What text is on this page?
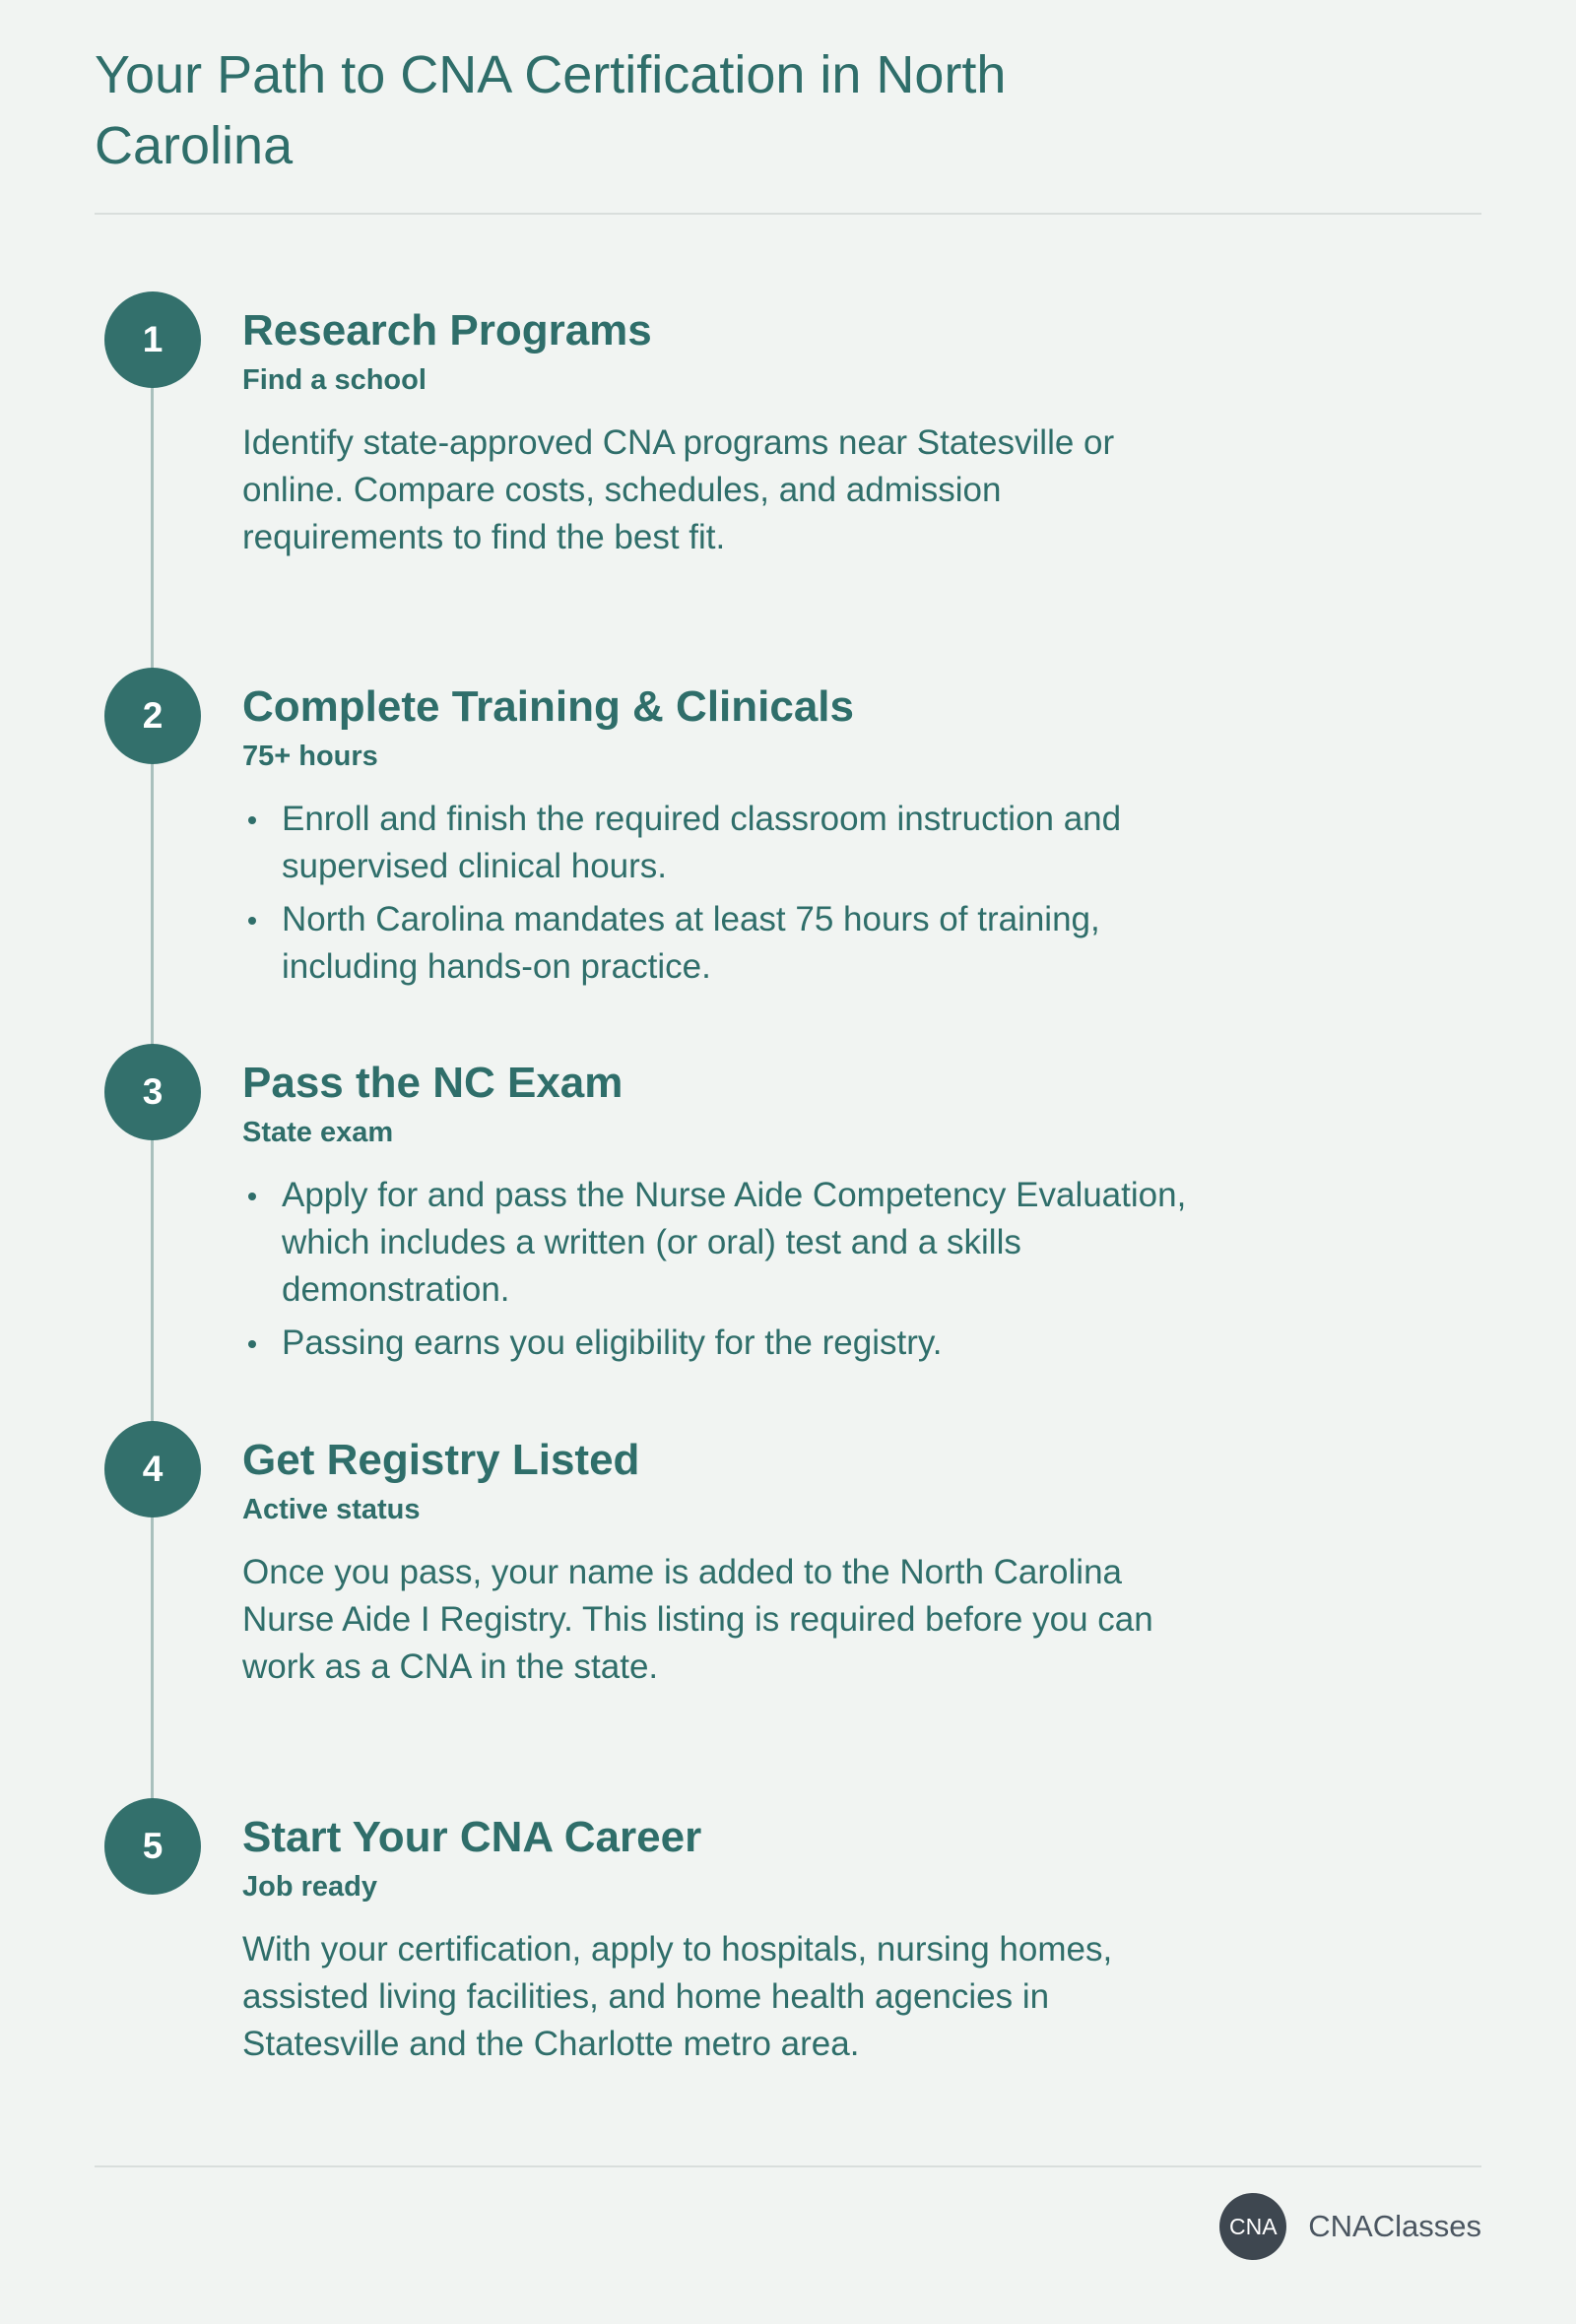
Your Path to CNA Certification in North Carolina
1	Research Programs
Find a school
Identify state-approved CNA programs near Statesville or online. Compare costs, schedules, and admission requirements to find the best fit.
2	Complete Training & Clinicals
75+ hours
Enroll and finish the required classroom instruction and supervised clinical hours.
North Carolina mandates at least 75 hours of training, including hands-on practice.
3	Pass the NC Exam
State exam
Apply for and pass the Nurse Aide Competency Evaluation, which includes a written (or oral) test and a skills demonstration.
Passing earns you eligibility for the registry.
4	Get Registry Listed
Active status
Once you pass, your name is added to the North Carolina Nurse Aide I Registry. This listing is required before you can work as a CNA in the state.
5	Start Your CNA Career
Job ready
With your certification, apply to hospitals, nursing homes, assisted living facilities, and home health agencies in Statesville and the Charlotte metro area.
CNA	CNAClasses
